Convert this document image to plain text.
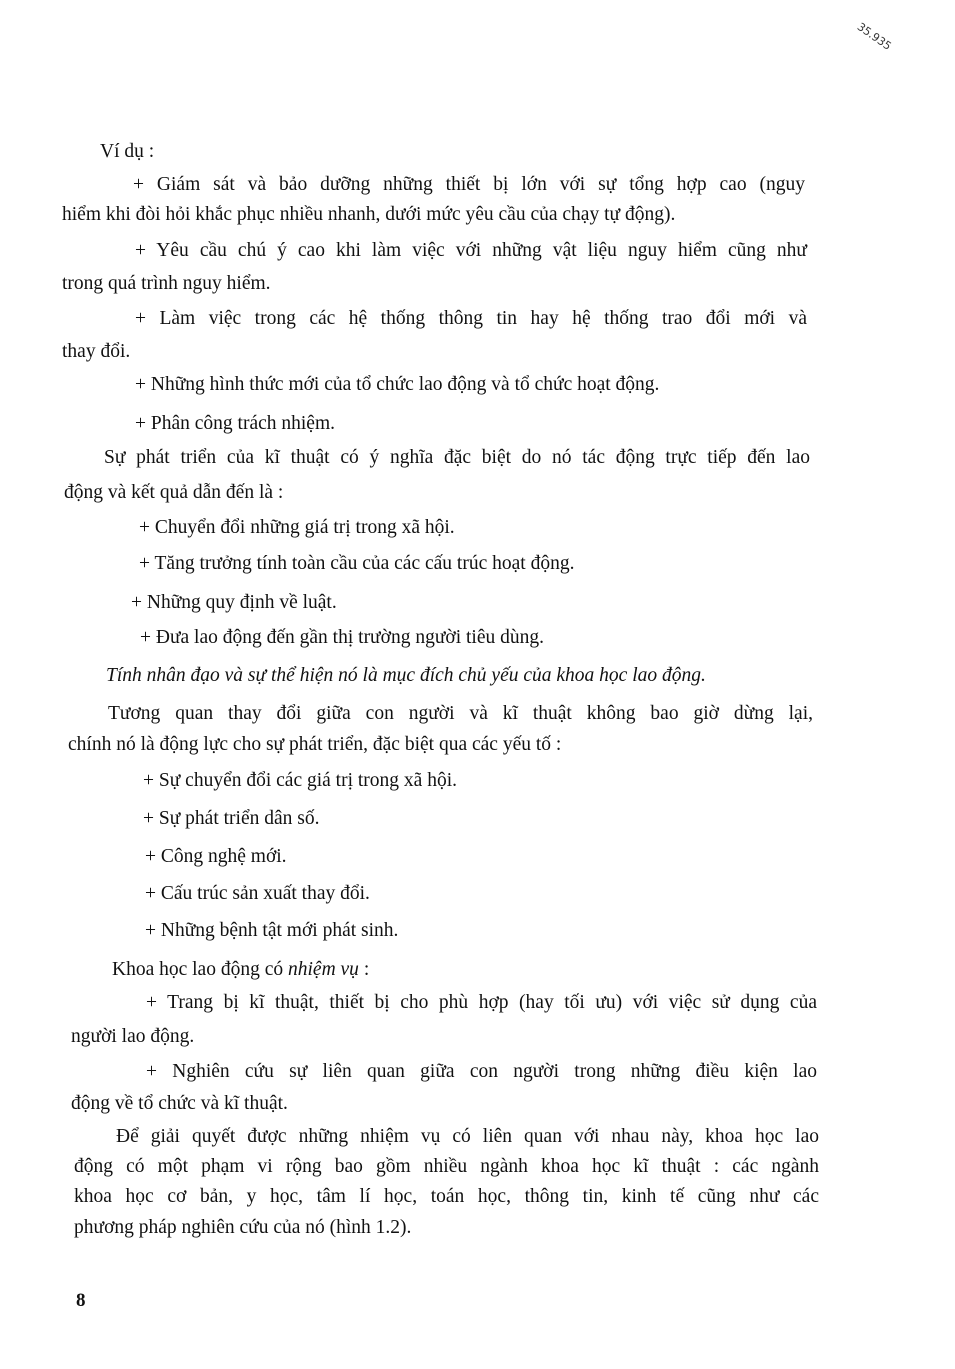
35.935
Ví dụ :
+ Giám sát và bảo dưỡng những thiết bị lớn với sự tổng hợp cao (nguy
hiểm khi đòi hỏi khắc phục nhiều nhanh, dưới mức yêu cầu của chạy tự động).
+ Yêu cầu chú ý cao khi làm việc với những vật liệu nguy hiểm cũng như
trong quá trình nguy hiểm.
+ Làm việc trong các hệ thống thông tin hay hệ thống trao đổi mới và
thay đổi.
+ Những hình thức mới của tổ chức lao động và tổ chức hoạt động.
+ Phân công trách nhiệm.
Sự phát triển của kĩ thuật có ý nghĩa đặc biệt do nó tác động trực tiếp đến lao
động và kết quả dẫn đến là :
+ Chuyển đổi những giá trị trong xã hội.
+ Tăng trưởng tính toàn cầu của các cấu trúc hoạt động.
+ Những quy định về luật.
+ Đưa lao động đến gần thị trường người tiêu dùng.
Tính nhân đạo và sự thể hiện nó là mục đích chủ yếu của khoa học lao động.
Tương quan thay đổi giữa con người và kĩ thuật không bao giờ dừng lại,
chính nó là động lực cho sự phát triển, đặc biệt qua các yếu tố :
+ Sự chuyển đổi các giá trị trong xã hội.
+ Sự phát triển dân số.
+ Công nghệ mới.
+ Cấu trúc sản xuất thay đổi.
+ Những bệnh tật mới phát sinh.
Khoa học lao động có nhiệm vụ :
+ Trang bị kĩ thuật, thiết bị cho phù hợp (hay tối ưu) với việc sử dụng của
người lao động.
+ Nghiên cứu sự liên quan giữa con người trong những điều kiện lao
động về tổ chức và kĩ thuật.
Để giải quyết được những nhiệm vụ có liên quan với nhau này, khoa học lao
động có một phạm vi rộng bao gồm nhiều ngành khoa học kĩ thuật : các ngành
khoa học cơ bản, y học, tâm lí học, toán học, thông tin, kinh tế cũng như các
phương pháp nghiên cứu của nó (hình 1.2).
8
